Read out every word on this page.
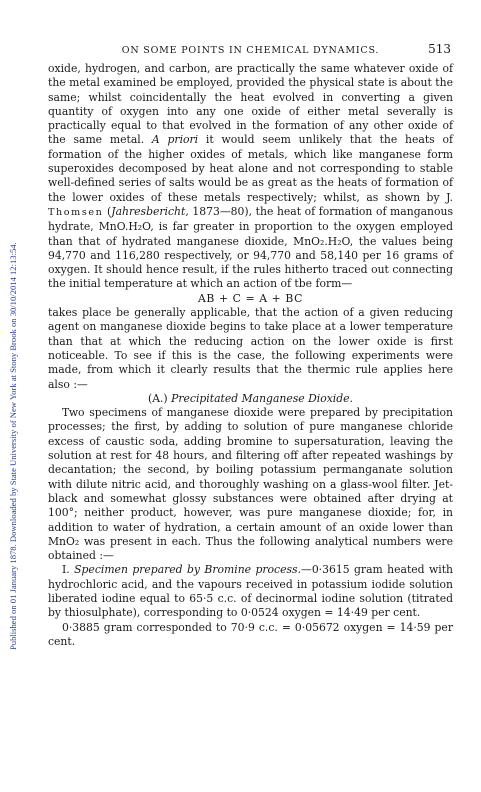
Published on 01 January 1878. Downloaded by State University of New York at Stony Brook on 30/10/2014 12:13:54.
ON SOME POINTS IN CHEMICAL DYNAMICS.	513

oxide, hydrogen, and carbon, are practically the same whatever oxide of the metal examined be employed, provided the physical state is about the same; whilst coincidentally the heat evolved in converting a given quantity of oxygen into any one oxide of either metal severally is practically equal to that evolved in the formation of any other oxide of the same metal. A priori it would seem unlikely that the heats of formation of the higher oxides of metals, which like manganese form superoxides decomposed by heat alone and not corresponding to stable well-defined series of salts would be as great as the heats of formation of the lower oxides of these metals respectively; whilst, as shown by J. Thomsen (Jahresbericht, 1873—80), the heat of formation of manganous hydrate, MnO.H₂O, is far greater in proportion to the oxygen employed than that of hydrated manganese dioxide, MnO₂.H₂O, the values being 94,770 and 116,280 respectively, or 94,770 and 58,140 per 16 grams of oxygen. It should hence result, if the rules hitherto traced out connecting the initial temperature at which an action of tbe form—

AB + C = A + BC

takes place be generally applicable, that the action of a given reducing agent on manganese dioxide begins to take place at a lower temperature than that at which the reducing action on the lower oxide is first noticeable. To see if this is the case, the following experiments were made, from which it clearly results that the thermic rule applies here also :—

(A.) Precipitated Manganese Dioxide.

Two specimens of manganese dioxide were prepared by precipitation processes; the first, by adding to solution of pure manganese chloride excess of caustic soda, adding bromine to supersaturation, leaving the solution at rest for 48 hours, and filtering off after repeated washings by decantation; the second, by boiling potassium permanganate solution with dilute nitric acid, and thoroughly washing on a glass-wool filter. Jet-black and somewhat glossy substances were obtained after drying at 100°; neither product, however, was pure manganese dioxide; for, in addition to water of hydration, a certain amount of an oxide lower than MnO₂ was present in each. Thus the following analytical numbers were obtained :—

I. Specimen prepared by Bromine process.—0·3615 gram heated with hydrochloric acid, and the vapours received in potassium iodide solution liberated iodine equal to 65·5 c.c. of decinormal iodine solution (titrated by thiosulphate), corresponding to 0·0524 oxygen = 14·49 per cent.

0·3885 gram corresponded to 70·9 c.c. = 0·05672 oxygen = 14·59 per cent.
